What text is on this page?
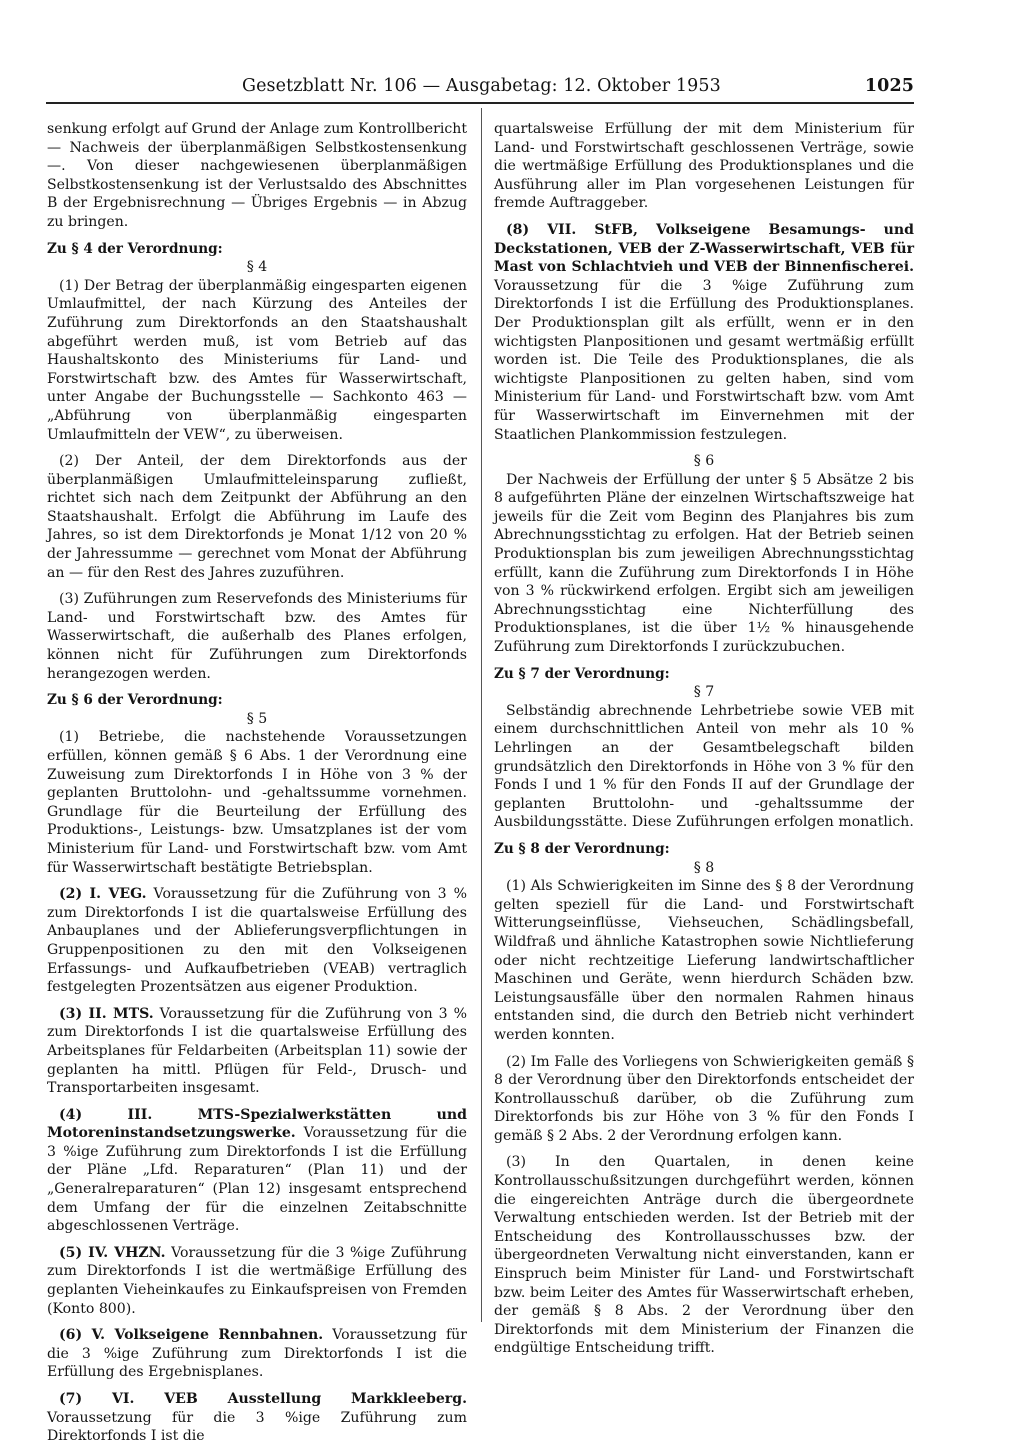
Gesetzblatt Nr. 106 — Ausgabetag: 12. Oktober 1953	1025

senkung erfolgt auf Grund der Anlage zum Kontrollbericht — Nachweis der überplanmäßigen Selbstkostensenkung —. Von dieser nachgewiesenen überplanmäßigen Selbstkostensenkung ist der Verlustsaldo des Abschnittes B der Ergebnisrechnung — Übriges Ergebnis — in Abzug zu bringen.

Zu § 4 der Verordnung:

§ 4

(1) Der Betrag der überplanmäßig eingesparten eigenen Umlaufmittel, der nach Kürzung des Anteiles der Zuführung zum Direktorfonds an den Staatshaushalt abgeführt werden muß, ist vom Betrieb auf das Haushaltskonto des Ministeriums für Land- und Forstwirtschaft bzw. des Amtes für Wasserwirtschaft, unter Angabe der Buchungsstelle — Sachkonto 463 — „Abführung von überplanmäßig eingesparten Umlaufmitteln der VEW“, zu überweisen.

(2) Der Anteil, der dem Direktorfonds aus der überplanmäßigen Umlaufmitteleinsparung zufließt, richtet sich nach dem Zeitpunkt der Abführung an den Staatshaushalt. Erfolgt die Abführung im Laufe des Jahres, so ist dem Direktorfonds je Monat 1/12 von 20 % der Jahressumme — gerechnet vom Monat der Abführung an — für den Rest des Jahres zuzuführen.

(3) Zuführungen zum Reservefonds des Ministeriums für Land- und Forstwirtschaft bzw. des Amtes für Wasserwirtschaft, die außerhalb des Planes erfolgen, können nicht für Zuführungen zum Direktorfonds herangezogen werden.

Zu § 6 der Verordnung:

§ 5

(1) Betriebe, die nachstehende Voraussetzungen erfüllen, können gemäß § 6 Abs. 1 der Verordnung eine Zuweisung zum Direktorfonds I in Höhe von 3 % der geplanten Bruttolohn- und -gehaltssumme vornehmen. Grundlage für die Beurteilung der Erfüllung des Produktions-, Leistungs- bzw. Umsatzplanes ist der vom Ministerium für Land- und Forstwirtschaft bzw. vom Amt für Wasserwirtschaft bestätigte Betriebsplan.

(2) I. VEG. Voraussetzung für die Zuführung von 3 % zum Direktorfonds I ist die quartalsweise Erfüllung des Anbauplanes und der Ablieferungsverpflichtungen in Gruppenpositionen zu den mit den Volkseigenen Erfassungs- und Aufkaufbetrieben (VEAB) vertraglich festgelegten Prozentsätzen aus eigener Produktion.

(3) II. MTS. Voraussetzung für die Zuführung von 3 % zum Direktorfonds I ist die quartalsweise Erfüllung des Arbeitsplanes für Feldarbeiten (Arbeitsplan 11) sowie der geplanten ha mittl. Pflügen für Feld-, Drusch- und Transportarbeiten insgesamt.

(4) III. MTS-Spezialwerkstätten und Motoreninstandsetzungswerke. Voraussetzung für die 3 %ige Zuführung zum Direktorfonds I ist die Erfüllung der Pläne „Lfd. Reparaturen“ (Plan 11) und der „Generalreparaturen“ (Plan 12) insgesamt entsprechend dem Umfang der für die einzelnen Zeitabschnitte abgeschlossenen Verträge.

(5) IV. VHZN. Voraussetzung für die 3 %ige Zuführung zum Direktorfonds I ist die wertmäßige Erfüllung des geplanten Vieheinkaufes zu Einkaufspreisen von Fremden (Konto 800).

(6) V. Volkseigene Rennbahnen. Voraussetzung für die 3 %ige Zuführung zum Direktorfonds I ist die Erfüllung des Ergebnisplanes.

(7) VI. VEB Ausstellung Markkleeberg. Voraussetzung für die 3 %ige Zuführung zum Direktorfonds I ist die

quartalsweise Erfüllung der mit dem Ministerium für Land- und Forstwirtschaft geschlossenen Verträge, sowie die wertmäßige Erfüllung des Produktionsplanes und die Ausführung aller im Plan vorgesehenen Leistungen für fremde Auftraggeber.

(8) VII. StFB, Volkseigene Besamungs- und Deckstationen, VEB der Z-Wasserwirtschaft, VEB für Mast von Schlachtvieh und VEB der Binnenfischerei. Voraussetzung für die 3 %ige Zuführung zum Direktorfonds I ist die Erfüllung des Produktionsplanes. Der Produktionsplan gilt als erfüllt, wenn er in den wichtigsten Planpositionen und gesamt wertmäßig erfüllt worden ist. Die Teile des Produktionsplanes, die als wichtigste Planpositionen zu gelten haben, sind vom Ministerium für Land- und Forstwirtschaft bzw. vom Amt für Wasserwirtschaft im Einvernehmen mit der Staatlichen Plankommission festzulegen.

§ 6

Der Nachweis der Erfüllung der unter § 5 Absätze 2 bis 8 aufgeführten Pläne der einzelnen Wirtschaftszweige hat jeweils für die Zeit vom Beginn des Planjahres bis zum Abrechnungsstichtag zu erfolgen. Hat der Betrieb seinen Produktionsplan bis zum jeweiligen Abrechnungsstichtag erfüllt, kann die Zuführung zum Direktorfonds I in Höhe von 3 % rückwirkend erfolgen. Ergibt sich am jeweiligen Abrechnungsstichtag eine Nichterfüllung des Produktionsplanes, ist die über 1½ % hinausgehende Zuführung zum Direktorfonds I zurückzubuchen.

Zu § 7 der Verordnung:

§ 7

Selbständig abrechnende Lehrbetriebe sowie VEB mit einem durchschnittlichen Anteil von mehr als 10 % Lehrlingen an der Gesamtbelegschaft bilden grundsätzlich den Direktorfonds in Höhe von 3 % für den Fonds I und 1 % für den Fonds II auf der Grundlage der geplanten Bruttolohn- und -gehaltssumme der Ausbildungsstätte. Diese Zuführungen erfolgen monatlich.

Zu § 8 der Verordnung:

§ 8

(1) Als Schwierigkeiten im Sinne des § 8 der Verordnung gelten speziell für die Land- und Forstwirtschaft Witterungseinflüsse, Viehseuchen, Schädlingsbefall, Wildfraß und ähnliche Katastrophen sowie Nichtlieferung oder nicht rechtzeitige Lieferung landwirtschaftlicher Maschinen und Geräte, wenn hierdurch Schäden bzw. Leistungsausfälle über den normalen Rahmen hinaus entstanden sind, die durch den Betrieb nicht verhindert werden konnten.

(2) Im Falle des Vorliegens von Schwierigkeiten gemäß § 8 der Verordnung über den Direktorfonds entscheidet der Kontrollausschuß darüber, ob die Zuführung zum Direktorfonds bis zur Höhe von 3 % für den Fonds I gemäß § 2 Abs. 2 der Verordnung erfolgen kann.

(3) In den Quartalen, in denen keine Kontrollausschußsitzungen durchgeführt werden, können die eingereichten Anträge durch die übergeordnete Verwaltung entschieden werden. Ist der Betrieb mit der Entscheidung des Kontrollausschusses bzw. der übergeordneten Verwaltung nicht einverstanden, kann er Einspruch beim Minister für Land- und Forstwirtschaft bzw. beim Leiter des Amtes für Wasserwirtschaft erheben, der gemäß § 8 Abs. 2 der Verordnung über den Direktorfonds mit dem Ministerium der Finanzen die endgültige Entscheidung trifft.
